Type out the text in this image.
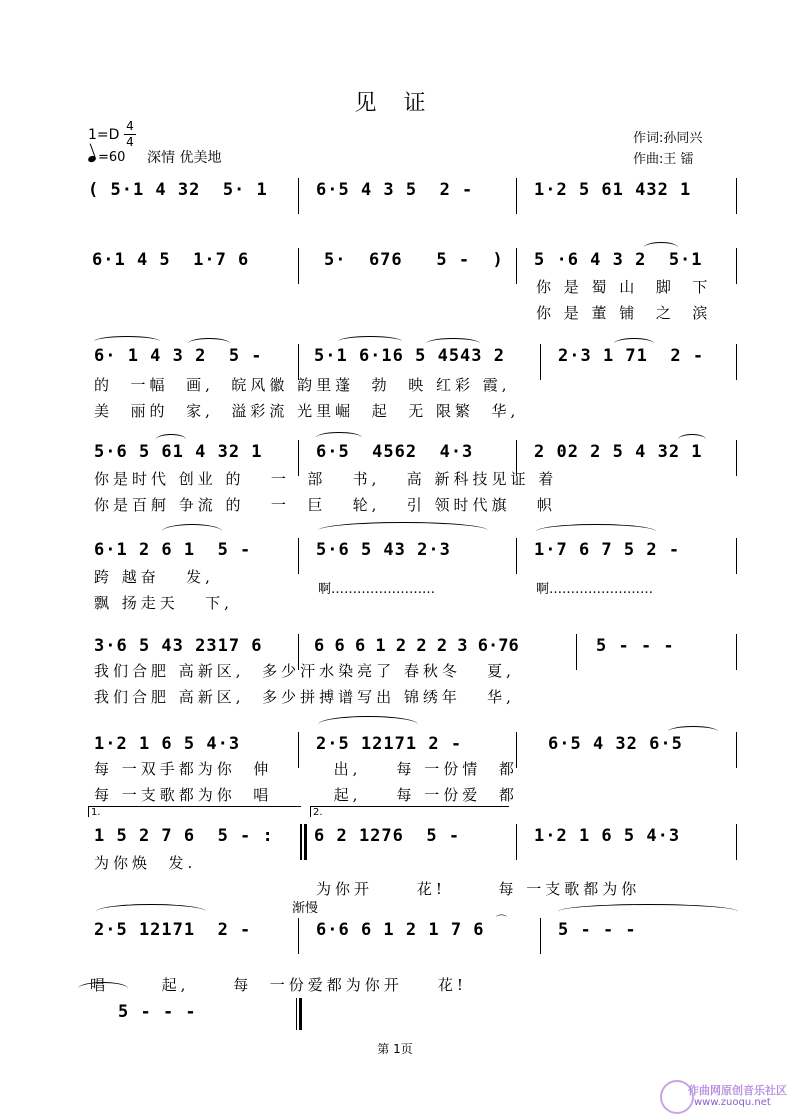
见 证
1=D
4
4
=60 深情 优美地
作词:孙同兴
作曲:王 镭
( 5·1 4 32  5· 1	6·5 4 3 5  2 -	1·2 5 61 432 1
6·1 4 5  1·7 6	5·  676   5 -  ) 5 ·6 4 3 2  5·1
你 是 蜀 山  脚  下
你 是 董 铺  之  滨
6· 1 4 3 2  5 -	5·1 6·16 5 4543 2	2·3 1 71  2 -
的  一幅  画,  皖风徽 韵里蓬  勃  映 红彩 霞,
美  丽的  家,  溢彩流 光里崛  起  无 限繁  华,
5·6 5 61 4 32 1	6·5  4562  4·3	2 02 2 5 4 32 1
你是时代 创业 的   一  部   书,   高 新科技见证 着
你是百舸 争流 的   一  巨   轮,   引 领时代旗   帜
6·1 2 6 1  5 -	5·6 5 43 2·3	1·7 6 7 5 2 -
跨 越奋   发,
飘 扬走天   下,
啊……………………	啊……………………
3·6 5 43 2317 6	6 6 6 1 2 2 2 3 6·76	5 - - -
我们合肥 高新区,  多少汗水染亮了 春秋冬   夏,
我们合肥 高新区,  多少拼搏谱写出 锦绣年   华,
1·2 1 6 5 4·3	2·5 12171 2 -	6·5 4 32 6·5
每 一双手都为你  伸       出,    每 一份情  都
每 一支歌都为你  唱       起,    每 一份爱  都
1.	2.
1 5 2 7 6  5 - : 6 2 1276  5 -	1·2 1 6 5 4·3
为你焕  发.
为你开     花!      每 一支歌都为你
渐慢
2·5 12171  2 -	6·6 6 1 2 1 7 6	5 - - -
⌒
唱      起,     每  一份爱都为你开    花!
5 - - -
第 1页
作曲网原创音乐社区
www.zuoqu.net
